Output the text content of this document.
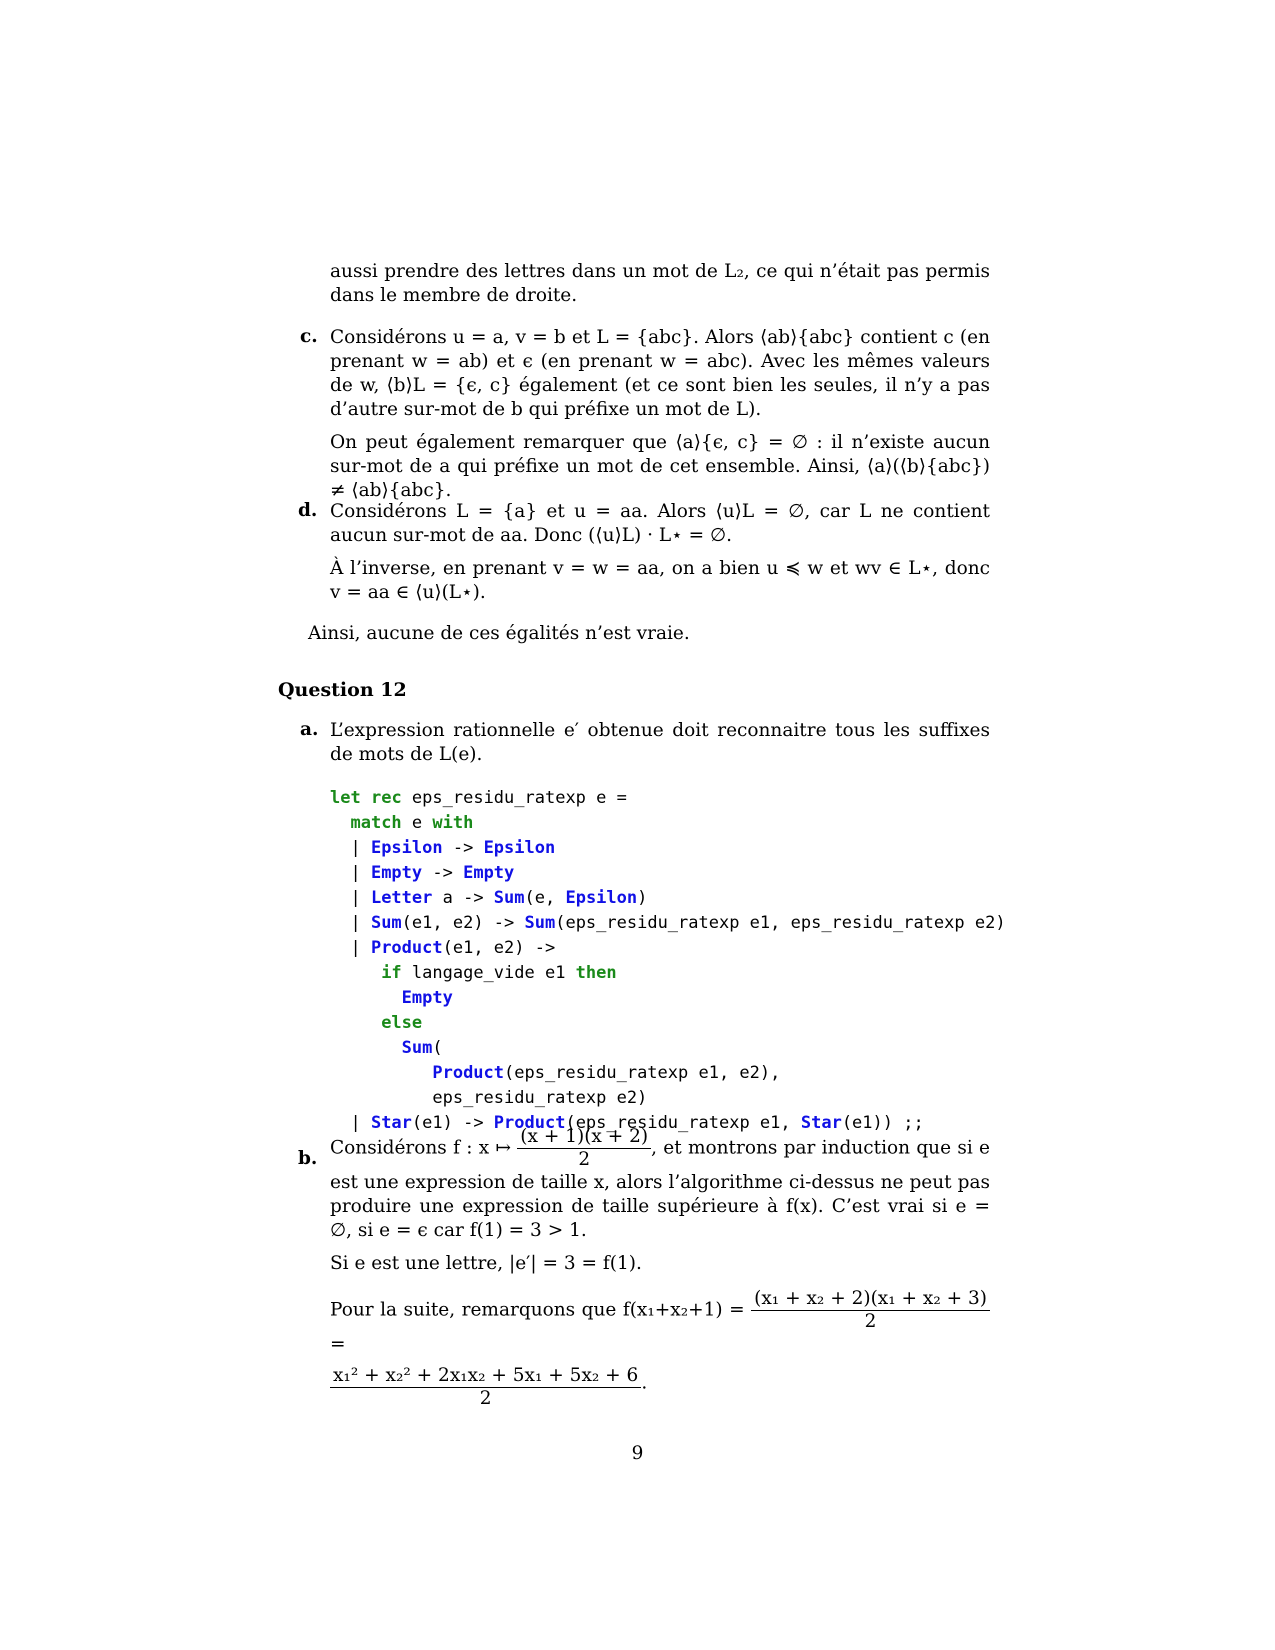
aussi prendre des lettres dans un mot de L₂, ce qui n’était pas permis dans le membre de droite.

c. Considérons u = a, v = b et L = {abc}. Alors ⟨ab⟩{abc} contient c (en prenant w = ab) et ϵ (en prenant w = abc). Avec les mêmes valeurs de w, ⟨b⟩L = {ϵ, c} également (et ce sont bien les seules, il n’y a pas d’autre sur-mot de b qui préfixe un mot de L).

On peut également remarquer que ⟨a⟩{ϵ, c} = ∅ : il n’existe aucun sur-mot de a qui préfixe un mot de cet ensemble. Ainsi, ⟨a⟩(⟨b⟩{abc}) ≠ ⟨ab⟩{abc}.

d. Considérons L = {a} et u = aa. Alors ⟨u⟩L = ∅, car L ne contient aucun sur-mot de aa. Donc (⟨u⟩L) · L⋆ = ∅.

À l’inverse, en prenant v = w = aa, on a bien u ≼ w et wv ∈ L⋆, donc v = aa ∈ ⟨u⟩(L⋆).

Ainsi, aucune de ces égalités n’est vraie.

Question 12
a. L’expression rationnelle e′ obtenue doit reconnaitre tous les suffixes de mots de L(e).

let rec eps_residu_ratexp e =
match e with
| Epsilon -> Epsilon
| Empty -> Empty
| Letter a -> Sum(e, Epsilon)
| Sum(e1, e2) -> Sum(eps_residu_ratexp e1, eps_residu_ratexp e2)
| Product(e1, e2) ->
if langage_vide e1 then
Empty
else
Sum(
Product(eps_residu_ratexp e1, e2),
eps_residu_ratexp e2)
| Star(e1) -> Product(eps_residu_ratexp e1, Star(e1)) ;;
b. Considérons f : x ↦ $\frac{(x + 1)(x + 2)}{2}$ , et montrons par induction que si e est une expression de taille x, alors l’algorithme ci-dessus ne peut pas produire une expression de taille supérieure à f(x). C’est vrai si e = ∅, si e = ϵ car f(1) = 3 > 1.

Si e est une lettre, |e′| = 3 = f(1).

Pour la suite, remarquons que $f(x_1+x_2+1) = \frac{\text{(x₁ + x₂ + 2)(x₁ + x₂ + 3)}}{2}$
=

$\frac{\text{x₁² + x₂² + 2x₁x₂ + 5x₁ + 5x₂ + 6}}{2}$ .

9
